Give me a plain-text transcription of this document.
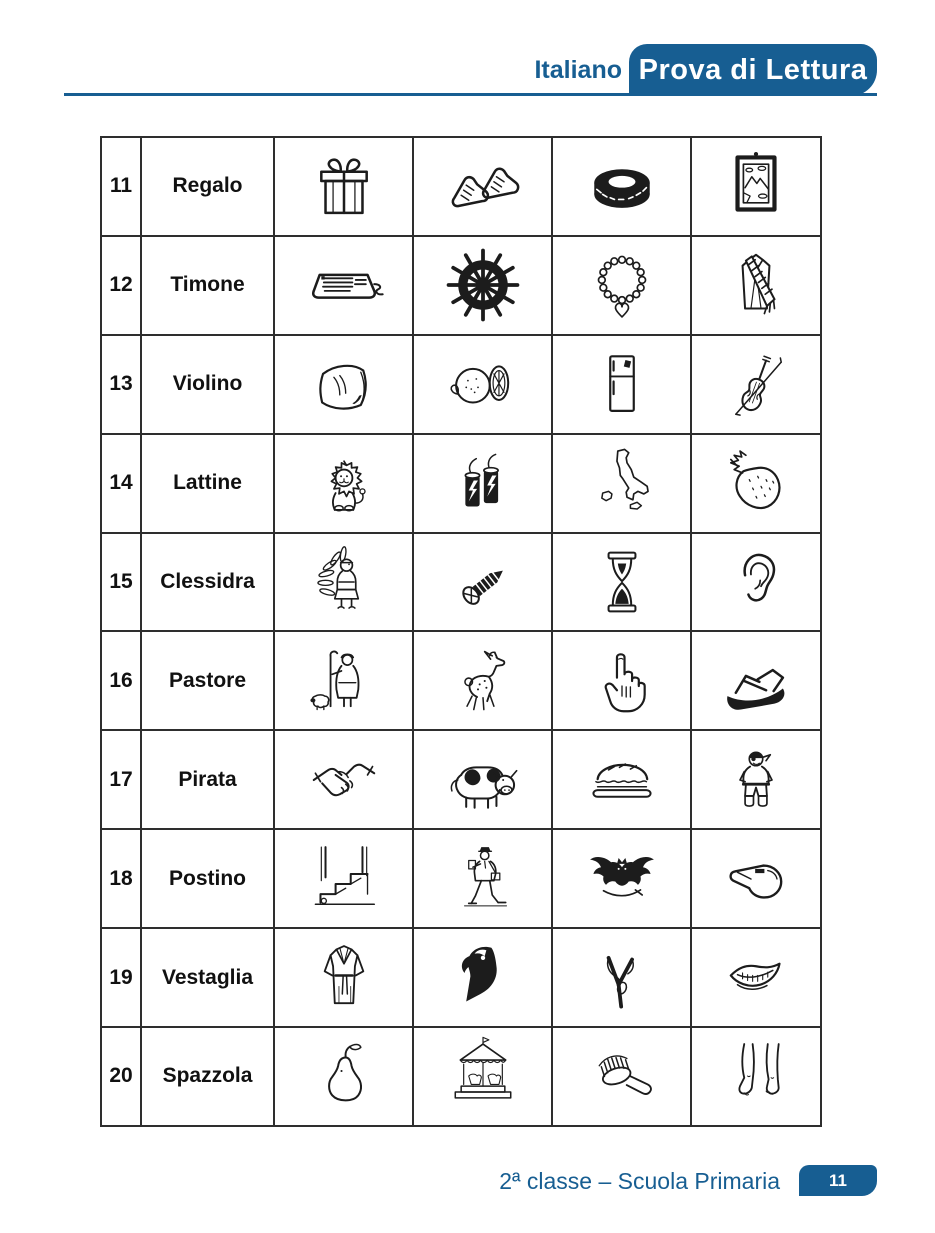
Italiano Prova di Lettura
11	Regalo
12	Timone
13	Violino
14	Lattine
15	Clessidra
16	Pastore
17	Pirata
18	Postino
19	Vestaglia
20	Spazzola
2ª classe – Scuola Primaria	11
